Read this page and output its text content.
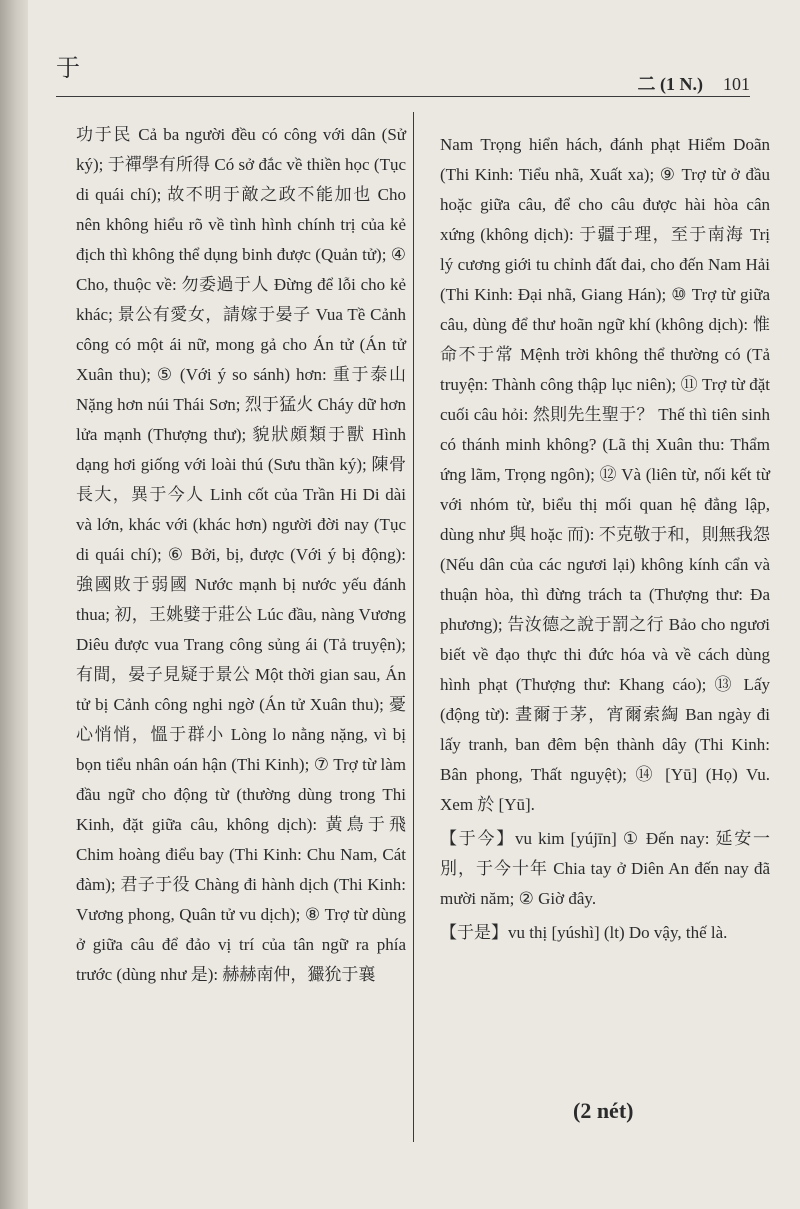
于
二 (1 N.) 101

功于民 Cả ba người đều có công với dân (Sử ký); 于禪學有所得 Có sở đắc về thiền học (Tục di quái chí); 故不明于敵之政不能加也 Cho nên không hiểu rõ về tình hình chính trị của kẻ địch thì không thể dụng binh được (Quản tử); ④ Cho, thuộc về: 勿委過于人 Đừng để lỗi cho kẻ khác; 景公有愛女，請嫁于晏子 Vua Tề Cảnh công có một ái nữ, mong gả cho Án tử (Án tử Xuân thu); ⑤ (Với ý so sánh) hơn: 重于泰山 Nặng hơn núi Thái Sơn; 烈于猛火 Cháy dữ hơn lửa mạnh (Thượng thư); 貌狀頗類于獸 Hình dạng hơi giống với loài thú (Sưu thần ký); 陳骨長大，異于今人 Linh cốt của Trần Hi Di dài và lớn, khác với (khác hơn) người đời nay (Tục di quái chí); ⑥ Bởi, bị, được (Với ý bị động): 強國敗于弱國 Nước mạnh bị nước yếu đánh thua; 初，王姚嬖于莊公 Lúc đầu, nàng Vương Diêu được vua Trang công sủng ái (Tả truyện); 有間，晏子見疑于景公 Một thời gian sau, Án tử bị Cảnh công nghi ngờ (Án tử Xuân thu); 憂心悄悄，慍于群小 Lòng lo nằng nặng, vì bị bọn tiểu nhân oán hận (Thi Kinh); ⑦ Trợ từ làm đầu ngữ cho động từ (thường dùng trong Thi Kinh, đặt giữa câu, không dịch): 黃鳥于飛 Chim hoàng điểu bay (Thi Kinh: Chu Nam, Cát đàm); 君子于役 Chàng đi hành dịch (Thi Kinh: Vương phong, Quân tử vu dịch); ⑧ Trợ từ dùng ở giữa câu để đảo vị trí của tân ngữ ra phía trước (dùng như 是): 赫赫南仲，玁狁于襄

Nam Trọng hiển hách, đánh phạt Hiểm Doãn (Thi Kinh: Tiểu nhã, Xuất xa); ⑨ Trợ từ ở đầu hoặc giữa câu, để cho câu được hài hòa cân xứng (không dịch): 于疆于理，至于南海 Trị lý cương giới tu chỉnh đất đai, cho đến Nam Hải (Thi Kinh: Đại nhã, Giang Hán); ⑩ Trợ từ giữa câu, dùng để thư hoãn ngữ khí (không dịch): 惟命不于常 Mệnh trời không thể thường có (Tả truyện: Thành công thập lục niên); ⑪ Trợ từ đặt cuối câu hỏi: 然則先生聖于？ Thế thì tiên sinh có thánh minh không? (Lã thị Xuân thu: Thẩm ứng lãm, Trọng ngôn); ⑫ Và (liên từ, nối kết từ với nhóm từ, biểu thị mối quan hệ đẳng lập, dùng như 與 hoặc 而): 不克敬于和，則無我怨 (Nếu dân của các ngươi lại) không kính cẩn và thuận hòa, thì đừng trách ta (Thượng thư: Đa phương); 告汝德之說于罰之行 Bảo cho ngươi biết về đạo thực thi đức hóa và về cách dùng hình phạt (Thượng thư: Khang cáo); ⑬ Lấy (động từ): 晝爾于茅，宵爾索綯 Ban ngày đi lấy tranh, ban đêm bện thành dây (Thi Kinh: Bân phong, Thất nguyệt); ⑭ [Yū] (Họ) Vu. Xem 於 [Yū].

【于今】vu kim [yújīn] ① Đến nay: 延安一別，于今十年 Chia tay ở Diên An đến nay đã mười năm; ② Giờ đây.

【于是】vu thị [yúshì] (lt) Do vậy, thế là.

(2 nét)
